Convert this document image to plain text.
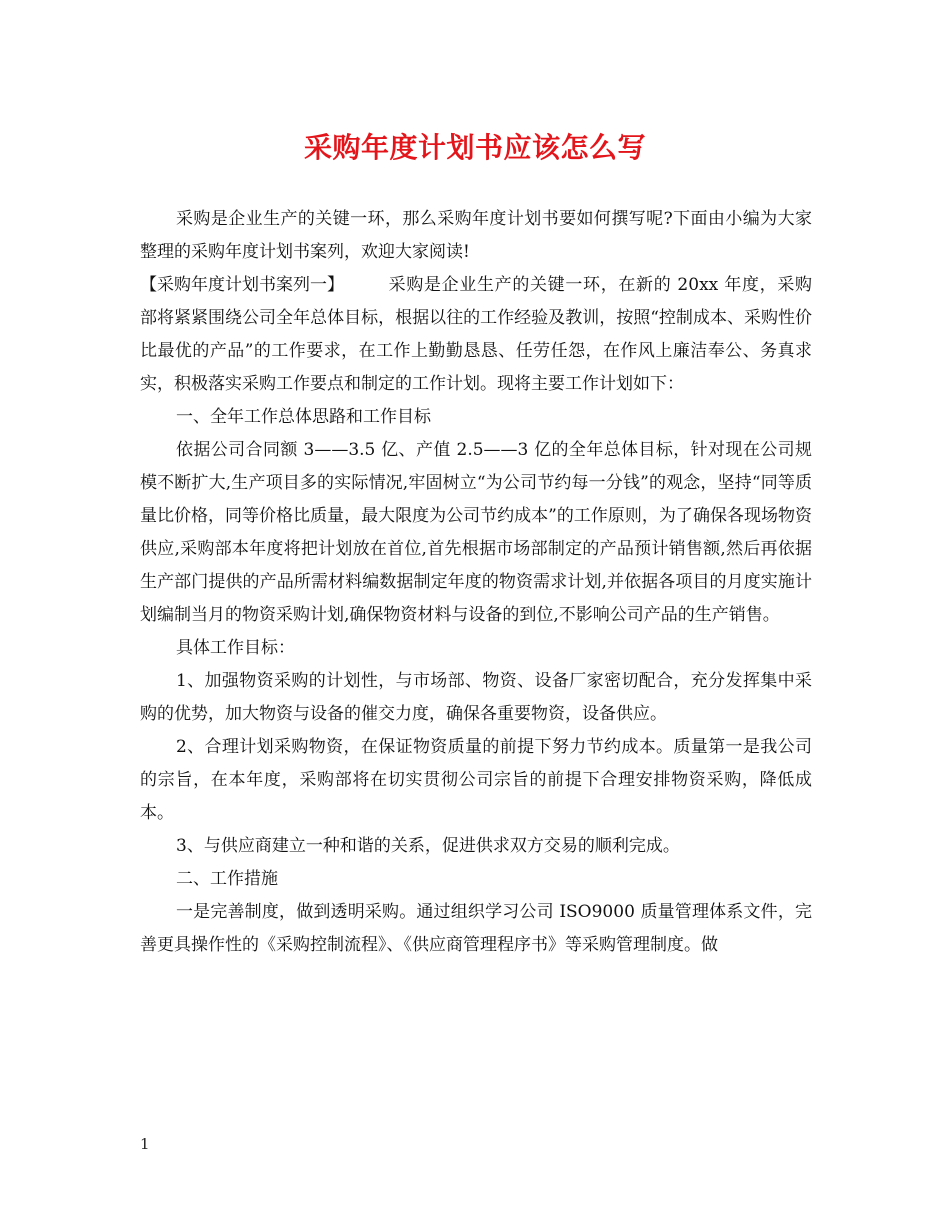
采购年度计划书应该怎么写

采购是企业生产的关键一环，那么采购年度计划书要如何撰写呢?下面由小编为大家整理的采购年度计划书案列，欢迎大家阅读!

【采购年度计划书案列一】	采购是企业生产的关键一环，在新的 20xx 年度，采购部将紧紧围绕公司全年总体目标，根据以往的工作经验及教训，按照“控制成本、采购性价比最优的产品”的工作要求，在工作上勤勤恳恳、任劳任怨，在作风上廉洁奉公、务真求实，积极落实采购工作要点和制定的工作计划。现将主要工作计划如下：

一、全年工作总体思路和工作目标

依据公司合同额 3——3.5 亿、产值 2.5——3 亿的全年总体目标，针对现在公司规模不断扩大,生产项目多的实际情况,牢固树立“为公司节约每一分钱”的观念，坚持“同等质量比价格，同等价格比质量，最大限度为公司节约成本”的工作原则，为了确保各现场物资供应,采购部本年度将把计划放在首位,首先根据市场部制定的产品预计销售额,然后再依据生产部门提供的产品所需材料编数据制定年度的物资需求计划,并依据各项目的月度实施计划编制当月的物资采购计划,确保物资材料与设备的到位,不影响公司产品的生产销售。

具体工作目标：

1、加强物资采购的计划性，与市场部、物资、设备厂家密切配合，充分发挥集中采购的优势，加大物资与设备的催交力度，确保各重要物资，设备供应。

2、合理计划采购物资，在保证物资质量的前提下努力节约成本。质量第一是我公司的宗旨，在本年度，采购部将在切实贯彻公司宗旨的前提下合理安排物资采购，降低成本。

3、与供应商建立一种和谐的关系，促进供求双方交易的顺利完成。

二、工作措施

一是完善制度，做到透明采购。通过组织学习公司 ISO9000 质量管理体系文件，完善更具操作性的《采购控制流程》、《供应商管理程序书》等采购管理制度。做

1
